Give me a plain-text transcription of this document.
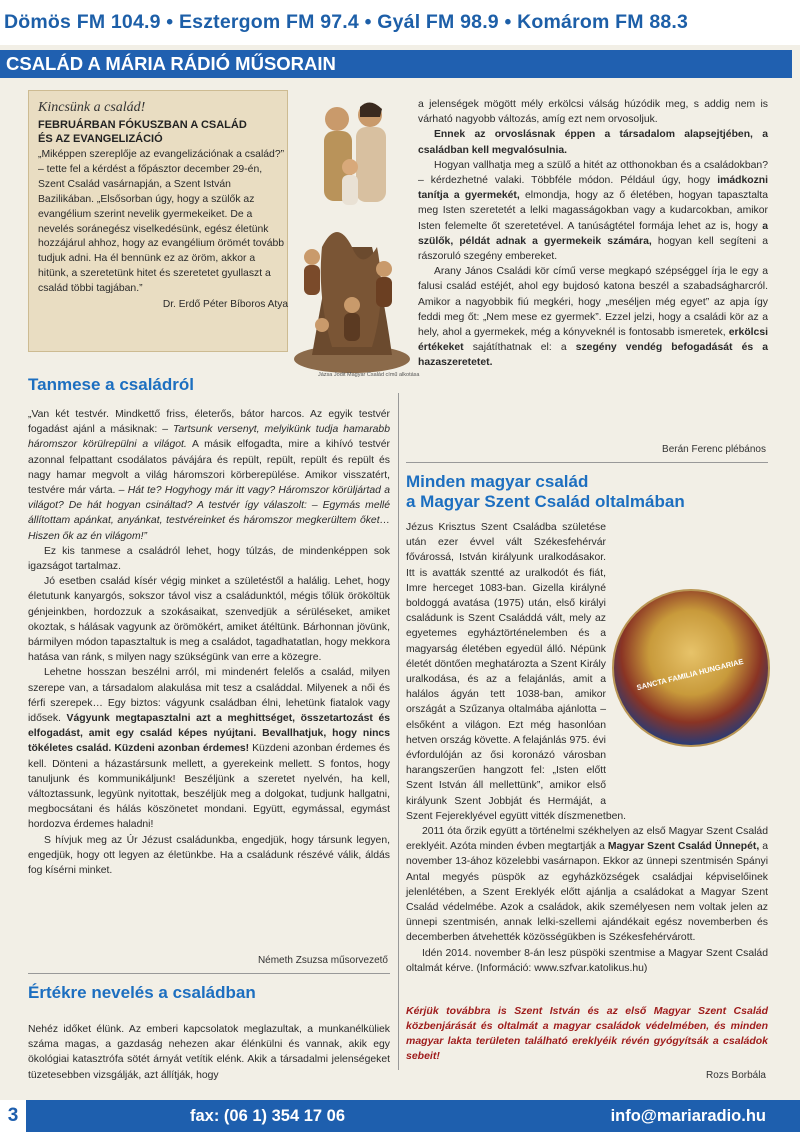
Dömös FM 104.9 • Esztergom FM 97.4 • Gyál FM 98.9 • Komárom FM 88.3
CSALÁD A MÁRIA RÁDIÓ MŰSORAIN
Kincsünk a család!
FEBRUÁRBAN FÓKUSZBAN A CSALÁD
ÉS AZ EVANGELIZÁCIÓ
„Miképpen szereplője az evangelizációnak a család?” – tette fel a kérdést a főpásztor december 29-én, Szent Család vasárnapján, a Szent István Bazilikában. „Elsősorban úgy, hogy a szülők az evangélium szerint nevelik gyermekeiket. De a nevelés soránegész viselkedésünk, egész életünk hozzájárul ahhoz, hogy az evangélium örömét tovább tudjuk adni. Ha él bennünk ez az öröm, akkor a hitünk, a szeretetünk hitet és szeretetet gyullaszt a család többi tagjában.”
Dr. Erdő Péter Bíboros Atya
Jázsa Jodit Magyar Család című alkotása
Tanmese a családról

„Van két testvér. Mindkettő friss, életerős, bátor harcos. Az egyik testvér fogadást ajánl a másiknak: – Tartsunk versenyt, melyikünk tudja hamarabb háromszor körülrepülni a világot. A másik elfogadta, mire a kihívó testvér azonnal felpattant csodálatos pávájára és repült, repült, repült és repült és nagy hamar megvolt a világ háromszori körberepülése. Amikor visszatért, testvére már várta. – Hát te? Hogyhogy már itt vagy? Háromszor körüljártad a világot? De hát hogyan csináltad? A testvér így válaszolt: – Egymás mellé állítottam apánkat, anyánkat, testvéreinket és háromszor megkerültem őket… Hiszen ők az én világom!”

Ez kis tanmese a családról lehet, hogy túlzás, de mindenképpen sok igazságot tartalmaz.

Jó esetben család kísér végig minket a születéstől a halálig. Lehet, hogy életutunk kanyargós, sokszor távol visz a családunktól, mégis tőlük örököltük génjeinkben, hordozzuk a szokásaikat, szenvedjük a sérüléseket, amiket okoztak, s hálásak vagyunk az örömökért, amiket átéltünk. Bárhonnan jövünk, bármilyen módon tapasztaltuk is meg a családot, tagadhatatlan, hogy mekkora hatása van ránk, s milyen nagy szükségünk van erre a közegre.

Lehetne hosszan beszélni arról, mi mindenért felelős a család, milyen szerepe van, a társadalom alakulása mit tesz a családdal. Milyenek a női és férfi szerepek… Egy biztos: vágyunk családban élni, lehetünk fiatalok vagy idősek. Vágyunk megtapasztalni azt a meghittséget, összetartozást és elfogadást, amit egy család képes nyújtani. Bevallhatjuk, hogy nincs tökéletes család. Küzdeni azonban érdemes! Küzdeni azonban érdemes és kell. Dönteni a házastársunk mellett, a gyerekeink mellett. S fontos, hogy tanuljunk és kommunikáljunk! Beszéljünk a szeretet nyelvén, ha kell, változtassunk, legyünk nyitottak, beszéljük meg a dolgokat, tudjunk hallgatni, megbocsátani és hálás köszönetet mondani. Együtt, egymással, egymást hordozva érdemes haladni!

S hívjuk meg az Úr Jézust családunkba, engedjük, hogy társunk legyen, engedjük, hogy ott legyen az életünkbe. Ha a családunk részévé válik, áldás fog kísérni minket.

Németh Zsuzsa műsorvezető
Értékre nevelés a családban

Nehéz időket élünk. Az emberi kapcsolatok meglazultak, a munkanélküliek száma magas, a gazdaság nehezen akar élénkülni és vannak, akik egy ökológiai katasztrófa sötét árnyát vetítik elénk. Akik a társadalmi jelenségeket tüzetesebben vizsgálják, azt állítják, hogy

a jelenségek mögött mély erkölcsi válság húzódik meg, s addig nem is várható nagyobb változás, amíg ezt nem orvosoljuk.

Ennek az orvoslásnak éppen a társadalom alapsejtjében, a családban kell megvalósulnia.

Hogyan vallhatja meg a szülő a hitét az otthonokban és a családokban? – kérdezhetné valaki. Többféle módon. Például úgy, hogy imádkozni tanítja a gyermekét, elmondja, hogy az ő életében, hogyan tapasztalta meg Isten szeretetét a lelki magasságokban vagy a kudarcokban, amikor Isten felemelte őt szeretetével. A tanúságtétel formája lehet az is, hogy a szülők, példát adnak a gyermekeik számára, hogyan kell segíteni a rászoruló szegény embereket.

Arany János Családi kör című verse megkapó szépséggel írja le egy a falusi család estéjét, ahol egy bujdosó katona beszél a szabadságharcról. Amikor a nagyobbik fiú megkéri, hogy „meséljen még egyet” az apja így feddi meg őt: „Nem mese ez gyermek”. Ezzel jelzi, hogy a családi kör az a hely, ahol a gyermekek, még a kónyveknél is fontosabb ismeretek, erkölcsi értékeket sajátíthatnak el: a szegény vendég befogadását és a hazaszeretetet.

Berán Ferenc plébános
Minden magyar család
a Magyar Szent Család oltalmában
SANCTA FAMILIA HUNGARIAE

Jézus Krisztus Szent Családba születése után ezer évvel vált Székesfehérvár fővárossá, István királyunk uralkodásakor. Itt is avatták szentté az uralkodót és fiát, Imre herceget 1083-ban. Gizella királyné boldoggá avatása (1975) után, első királyi családunk is Szent Családdá vált, mely az egyetemes egyháztörténelemben és a magyarság életében egyedül álló. Népünk életét döntően meghatározta a Szent Király uralkodása, és az a felajánlás, amit a halálos ágyán tett 1038-ban, amikor országát a Szűzanya oltalmába ajánlotta – elsőként a világon. Ezt még hasonlóan hetven ország követte. A felajánlás 975. évi évfordulóján az ősi koronázó városban harangszerűen hangzott fel: „Isten előtt Szent István áll mellettünk”, amikor első királyunk Szent Jobbját és Hermáját, a Szent Fejereklyével együtt vitték díszmenetben.

2011 óta őrzik együtt a történelmi székhelyen az első Magyar Szent Család ereklyéit. Azóta minden évben megtartják a Magyar Szent Család Ünnepét, a november 13-ához közelebbi vasárnapon. Ekkor az ünnepi szentmisén Spányi Antal megyés püspök az egyházközségek családjai képviselőinek jelenlétében, a Szent Ereklyék előtt ajánlja a családokat a Magyar Szent Család védelmébe. Azok a családok, akik személyesen nem voltak jelen az ünnepi szentmisén, annak lelki-szellemi ajándékait egész novemberben és decemberben átvehették közösségükben is Székesfehérvárott.

Idén 2014. november 8-án lesz püspöki szentmise a Magyar Szent Család oltalmát kérve. (Információ: www.szfvar.katolikus.hu)

Kérjük továbbra is Szent István és az első Magyar Szent Család közbenjárását és oltalmát a magyar családok védelmében, és minden magyar lakta területen található ereklyéik révén gyógyítsák a családok sebeit!
Rozs Borbála
fax: (06 1) 354 17 06	info@mariaradio.hu
3
